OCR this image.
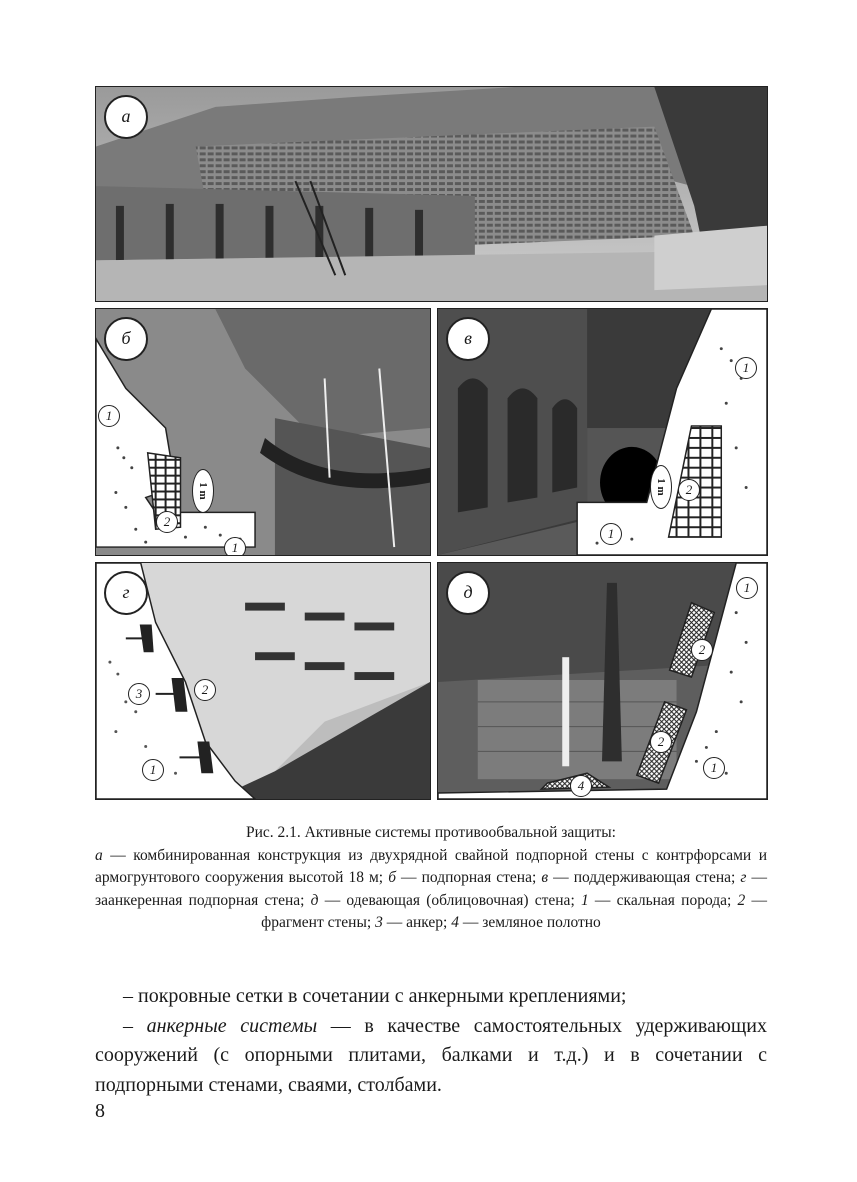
а
б
1
2
1
1 m
в
1
2
1
1 m
г
3	2
1
д	1
2
2
1
4
Рис. 2.1. Активные системы противообвальной защиты:
а — комбинированная конструкция из двухрядной свайной подпорной стены с контрфорсами и армогрунтового сооружения высотой 18 м; б — подпорная стена; в — поддерживающая стена; г — заанкеренная подпорная стена; д — одевающая (облицовочная) стена; 1 — скальная порода; 2 — фрагмент стены; 3 — анкер; 4 — земляное полотно

– покровные сетки в сочетании с анкерными креплениями;

– анкерные системы — в качестве самостоятельных удерживающих сооружений (с опорными плитами, балками и т.д.) и в сочетании с подпорными стенами, сваями, столбами.

8
